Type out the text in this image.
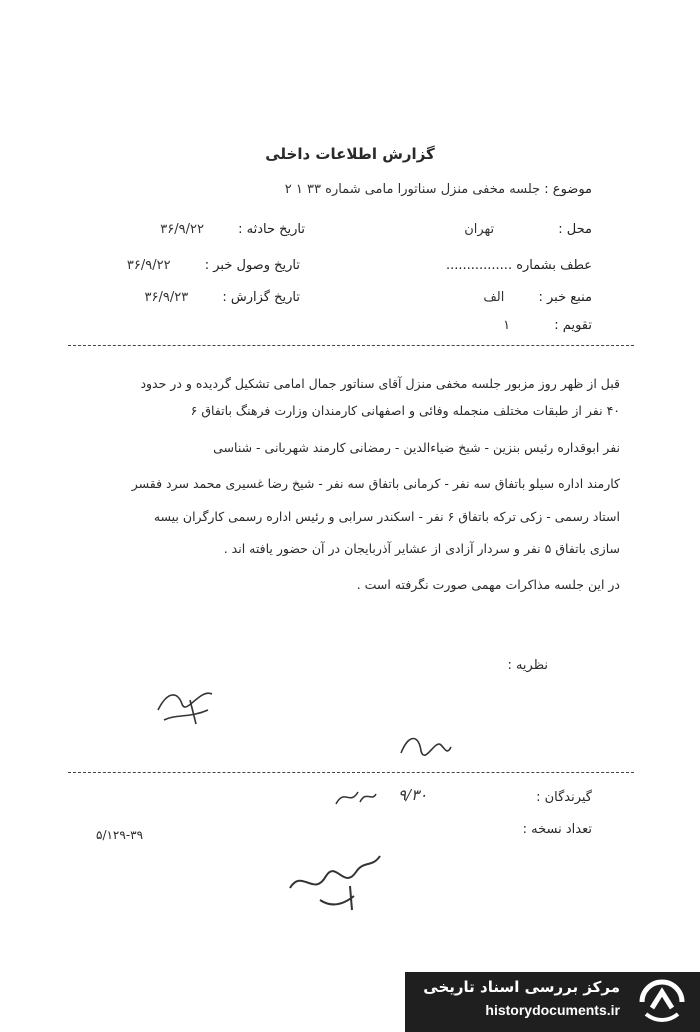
گزارش اطلاعات داخلی
موضوع : جلسه مخفی منزل سناتورا مامی شماره ۳۳ ۱ ۲
محل : تهران
تاریخ حادثه : ۳۶/۹/۲۲
عطف بشماره ................
تاریخ وصول خبر : ۳۶/۹/۲۲
منبع خبر : الف
تاریخ گزارش : ۳۶/۹/۲۳
تقویم : ۱
قبل از ظهر روز مزبور جلسه مخفی منزل آقای سناتور جمال امامی تشکیل گردیده و در حدود
۴۰ نفر از طبقات مختلف منجمله وفائی و اصفهانی کارمندان وزارت فرهنگ باتفاق ۶
نفر ابوقداره رئیس بنزین - شیخ ضیاءالدین - رمضانی کارمند شهربانی - شناسی
کارمند اداره سیلو باتفاق سه نفر - کرمانی باتفاق سه نفر - شیخ رضا غسیری محمد سرد فقسر
استاد رسمی - زکی ترکه باتفاق ۶ نفر - اسکندر سرابی و رئیس اداره رسمی کارگران بیسه
سازی باتفاق ۵ نفر و سردار آزادی از عشایر آذربایجان در آن حضور یافته اند .
در این جلسه مذاکرات مهمی صورت نگرفته است .
نظریه :
گیرندگان :
۹/۳۰
تعداد نسخه :
۵/۱۲۹-۳۹
مرکز بررسی اسناد تاریخی
historydocuments.ir
